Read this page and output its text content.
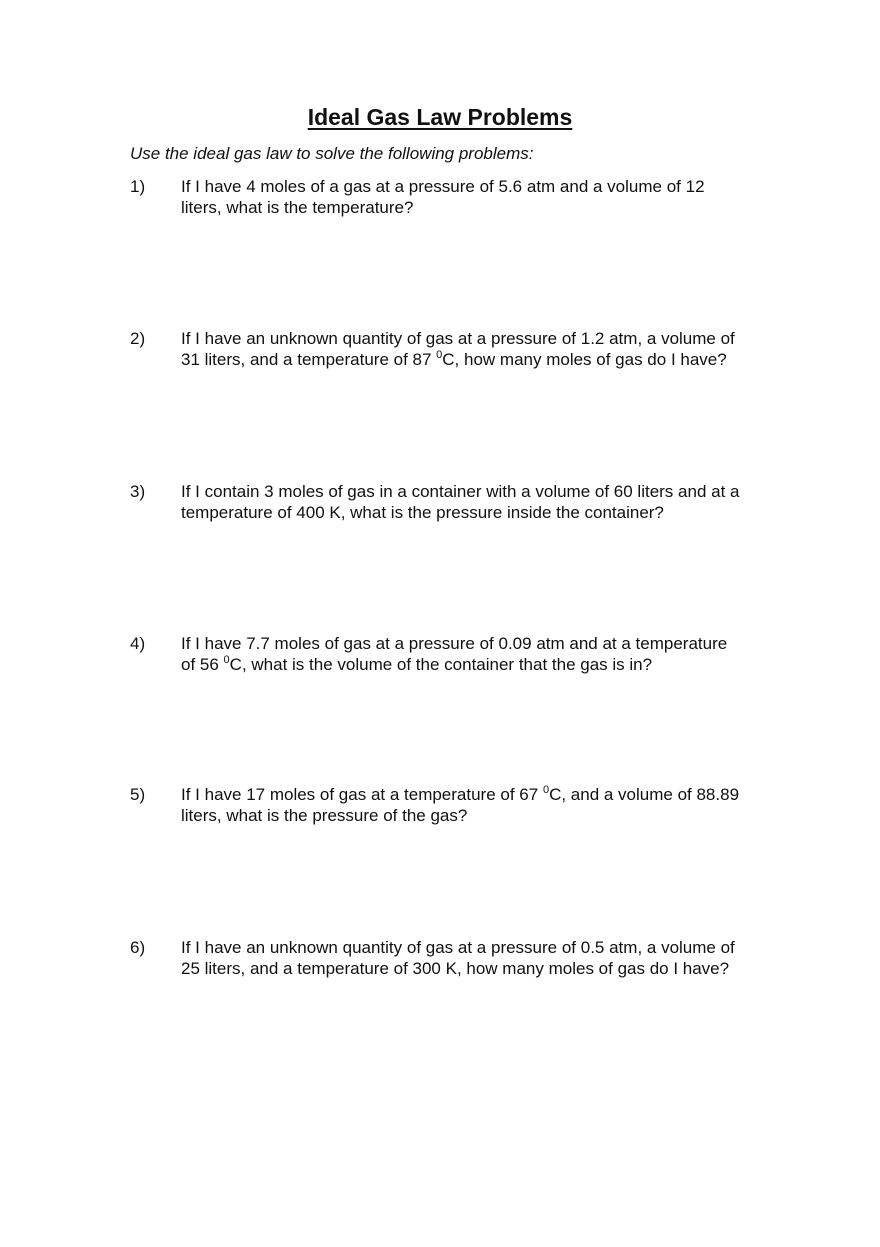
Ideal Gas Law Problems
Use the ideal gas law to solve the following problems:
1) If I have 4 moles of a gas at a pressure of 5.6 atm and a volume of 12
liters, what is the temperature?
2) If I have an unknown quantity of gas at a pressure of 1.2 atm, a volume of
31 liters, and a temperature of 87 $^0$C, how many moles of gas do I have?
3) If I contain 3 moles of gas in a container with a volume of 60 liters and at a
temperature of 400 K, what is the pressure inside the container?
4) If I have 7.7 moles of gas at a pressure of 0.09 atm and at a temperature
of 56 $^0$C, what is the volume of the container that the gas is in?
5) If I have 17 moles of gas at a temperature of 67 $^0$C, and a volume of 88.89
liters, what is the pressure of the gas?
6) If I have an unknown quantity of gas at a pressure of 0.5 atm, a volume of
25 liters, and a temperature of 300 K, how many moles of gas do I have?
